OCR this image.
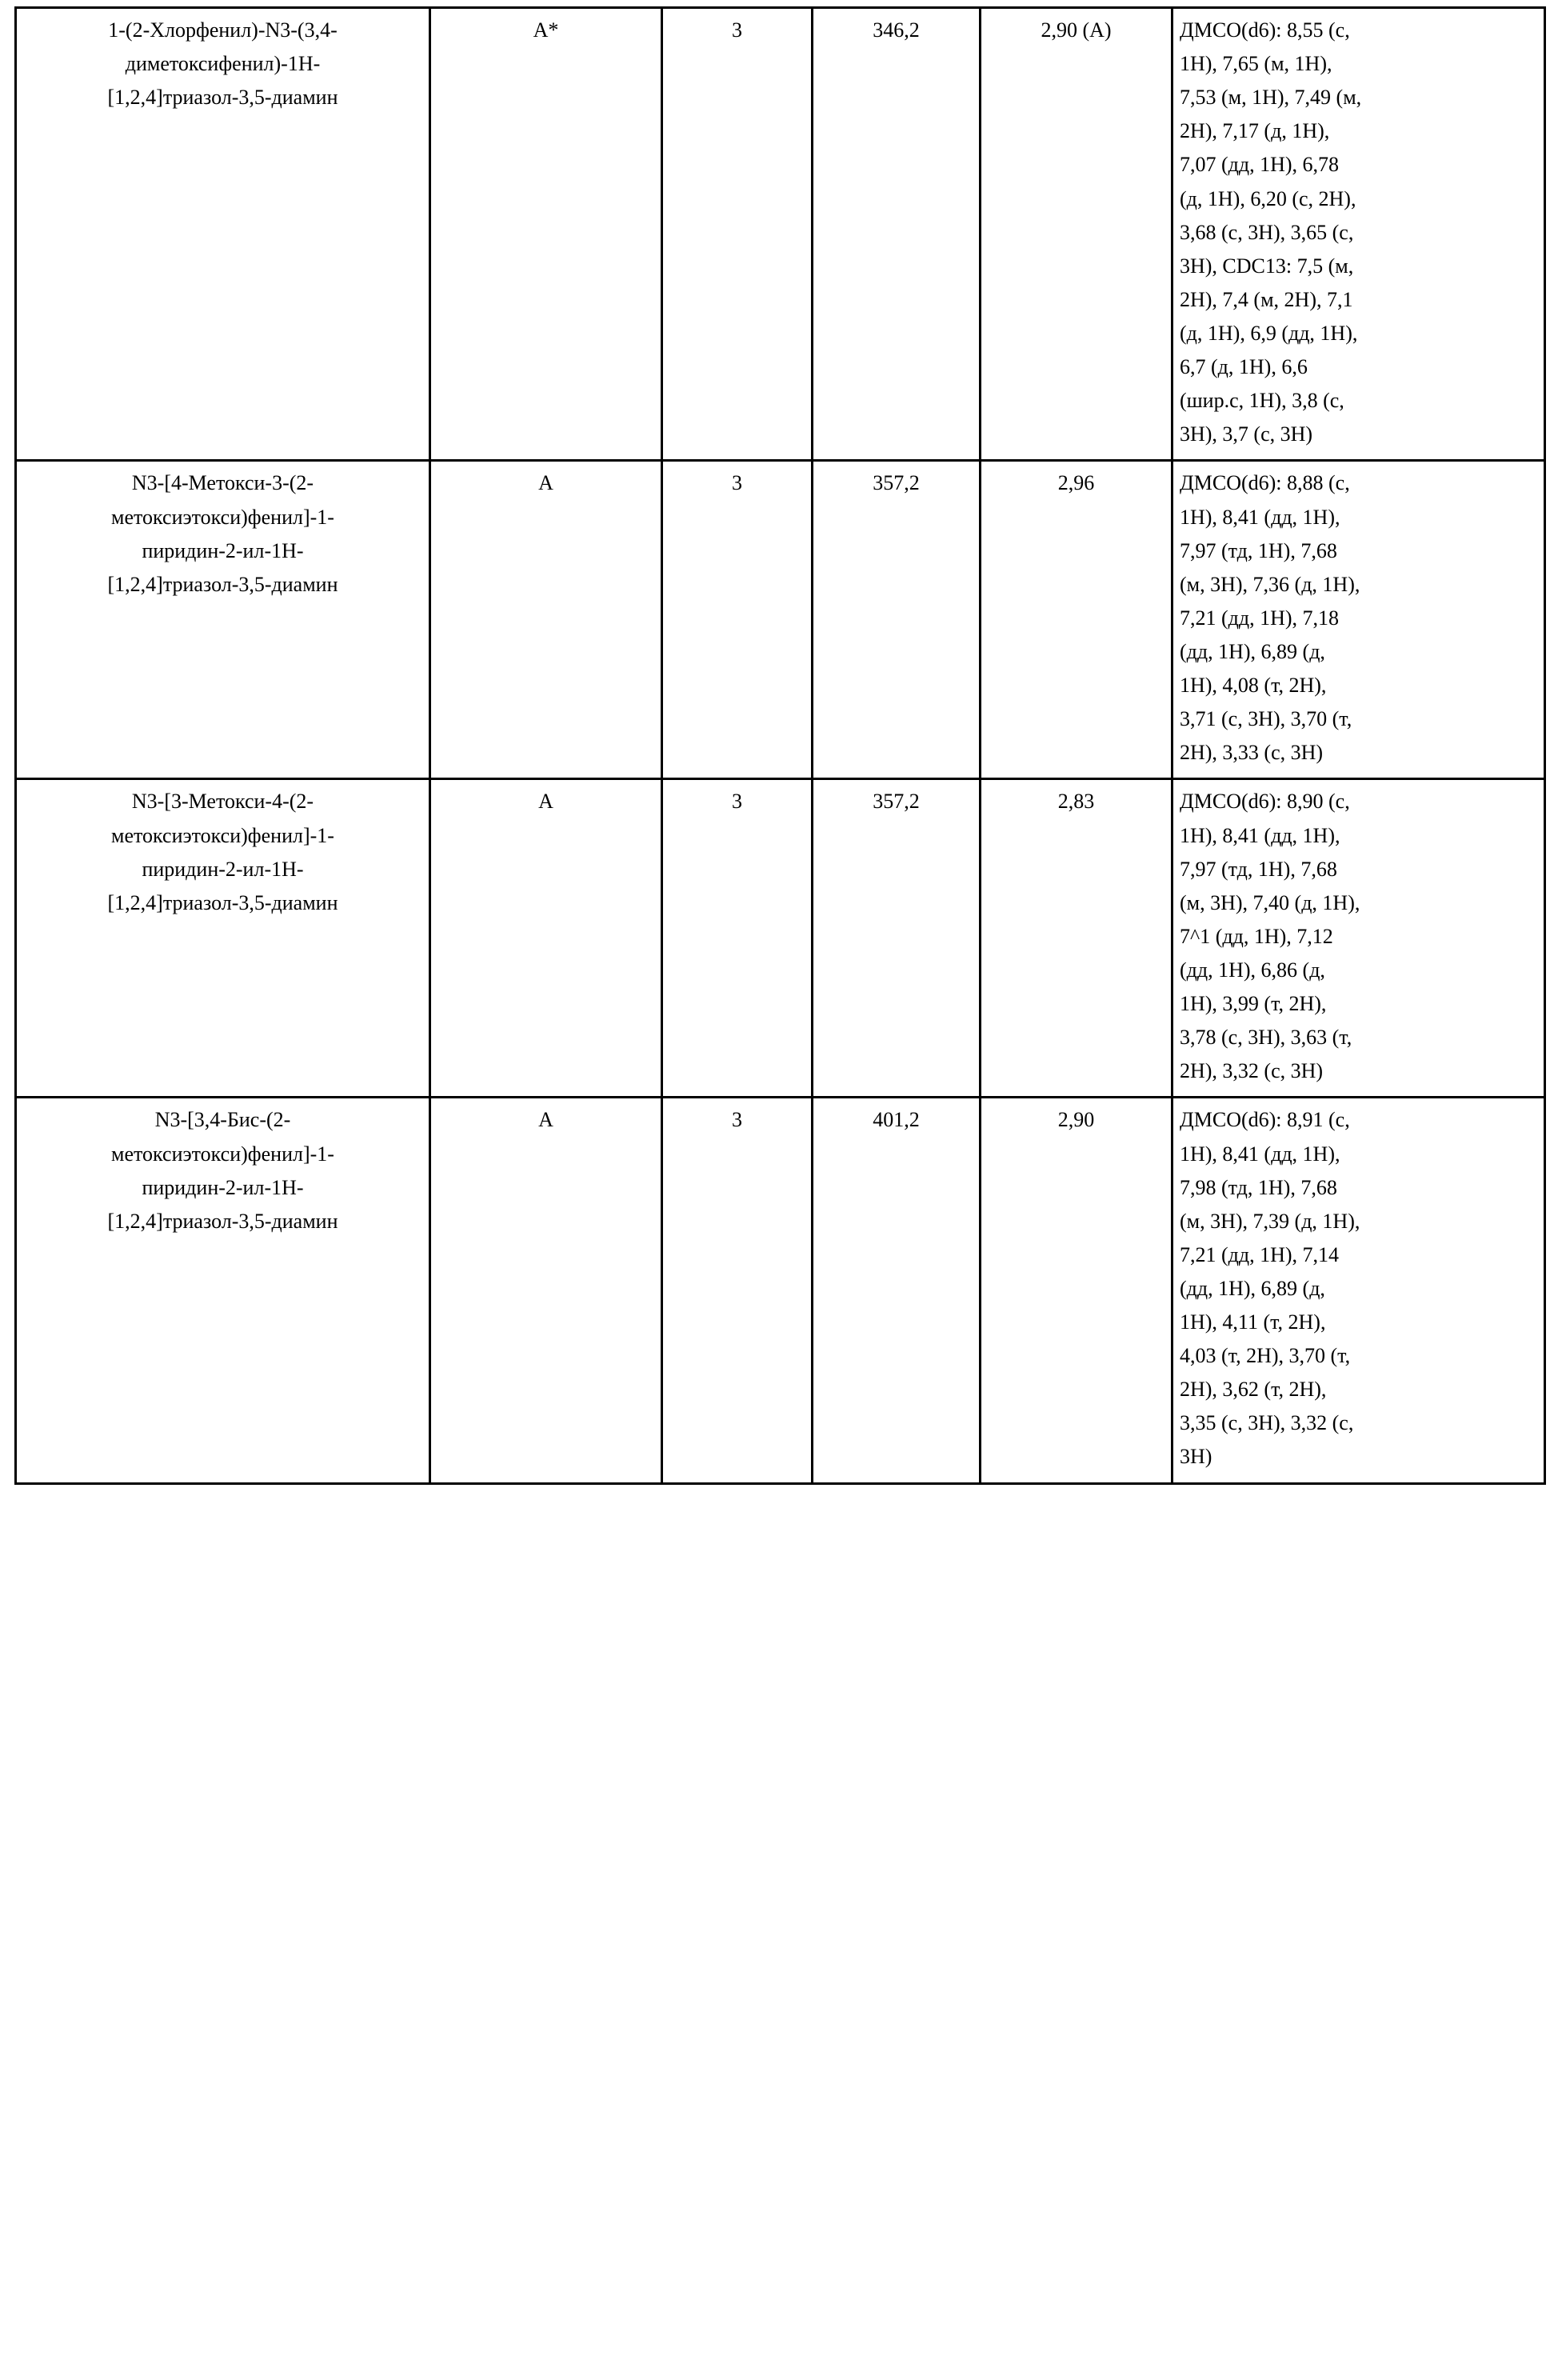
1-(2-Хлорфенил)-N3-(3,4-
диметоксифенил)-1Н-
[1,2,4]триазол-3,5-диамин
	A*	3	346,2	2,90 (A)	ДМСО(d6): 8,55 (с,
1Н), 7,65 (м, 1Н),
7,53 (м, 1Н), 7,49 (м,
2Н), 7,17 (д, 1Н),
7,07 (дд, 1Н), 6,78
(д, 1Н), 6,20 (с, 2Н),
3,68 (с, 3Н), 3,65 (с,
3Н), CDC13: 7,5 (м,
2Н), 7,4 (м, 2Н), 7,1
(д, 1Н), 6,9 (дд, 1Н),
6,7 (д, 1Н), 6,6
(шир.с, 1Н), 3,8 (с,
3Н), 3,7 (с, 3Н)

N3-[4-Метокси-3-(2-
метоксиэтокси)фенил]-1-
пиридин-2-ил-1Н-
[1,2,4]триазол-3,5-диамин
	A	3	357,2	2,96	ДМСО(d6): 8,88 (с,
1Н), 8,41 (дд, 1Н),
7,97 (тд, 1Н), 7,68
(м, 3Н), 7,36 (д, 1Н),
7,21 (дд, 1Н), 7,18
(дд, 1Н), 6,89 (д,
1Н), 4,08 (т, 2Н),
3,71 (с, 3Н), 3,70 (т,
2Н), 3,33 (с, 3Н)

N3-[3-Метокси-4-(2-
метоксиэтокси)фенил]-1-
пиридин-2-ил-1Н-
[1,2,4]триазол-3,5-диамин
	A	3	357,2	2,83	ДМСО(d6): 8,90 (с,
1Н), 8,41 (дд, 1Н),
7,97 (тд, 1Н), 7,68
(м, 3Н), 7,40 (д, 1Н),
7^1 (дд, 1Н), 7,12
(дд, 1Н), 6,86 (д,
1Н), 3,99 (т, 2Н),
3,78 (с, 3Н), 3,63 (т,
2Н), 3,32 (с, 3Н)

N3-[3,4-Бис-(2-
метоксиэтокси)фенил]-1-
пиридин-2-ил-1Н-
[1,2,4]триазол-3,5-диамин
	A	3	401,2	2,90	ДМСО(d6): 8,91 (с,
1Н), 8,41 (дд, 1Н),
7,98 (тд, 1Н), 7,68
(м, 3Н), 7,39 (д, 1Н),
7,21 (дд, 1Н), 7,14
(дд, 1Н), 6,89 (д,
1Н), 4,11 (т, 2Н),
4,03 (т, 2Н), 3,70 (т,
2Н), 3,62 (т, 2Н),
3,35 (с, 3Н), 3,32 (с,
3Н)
